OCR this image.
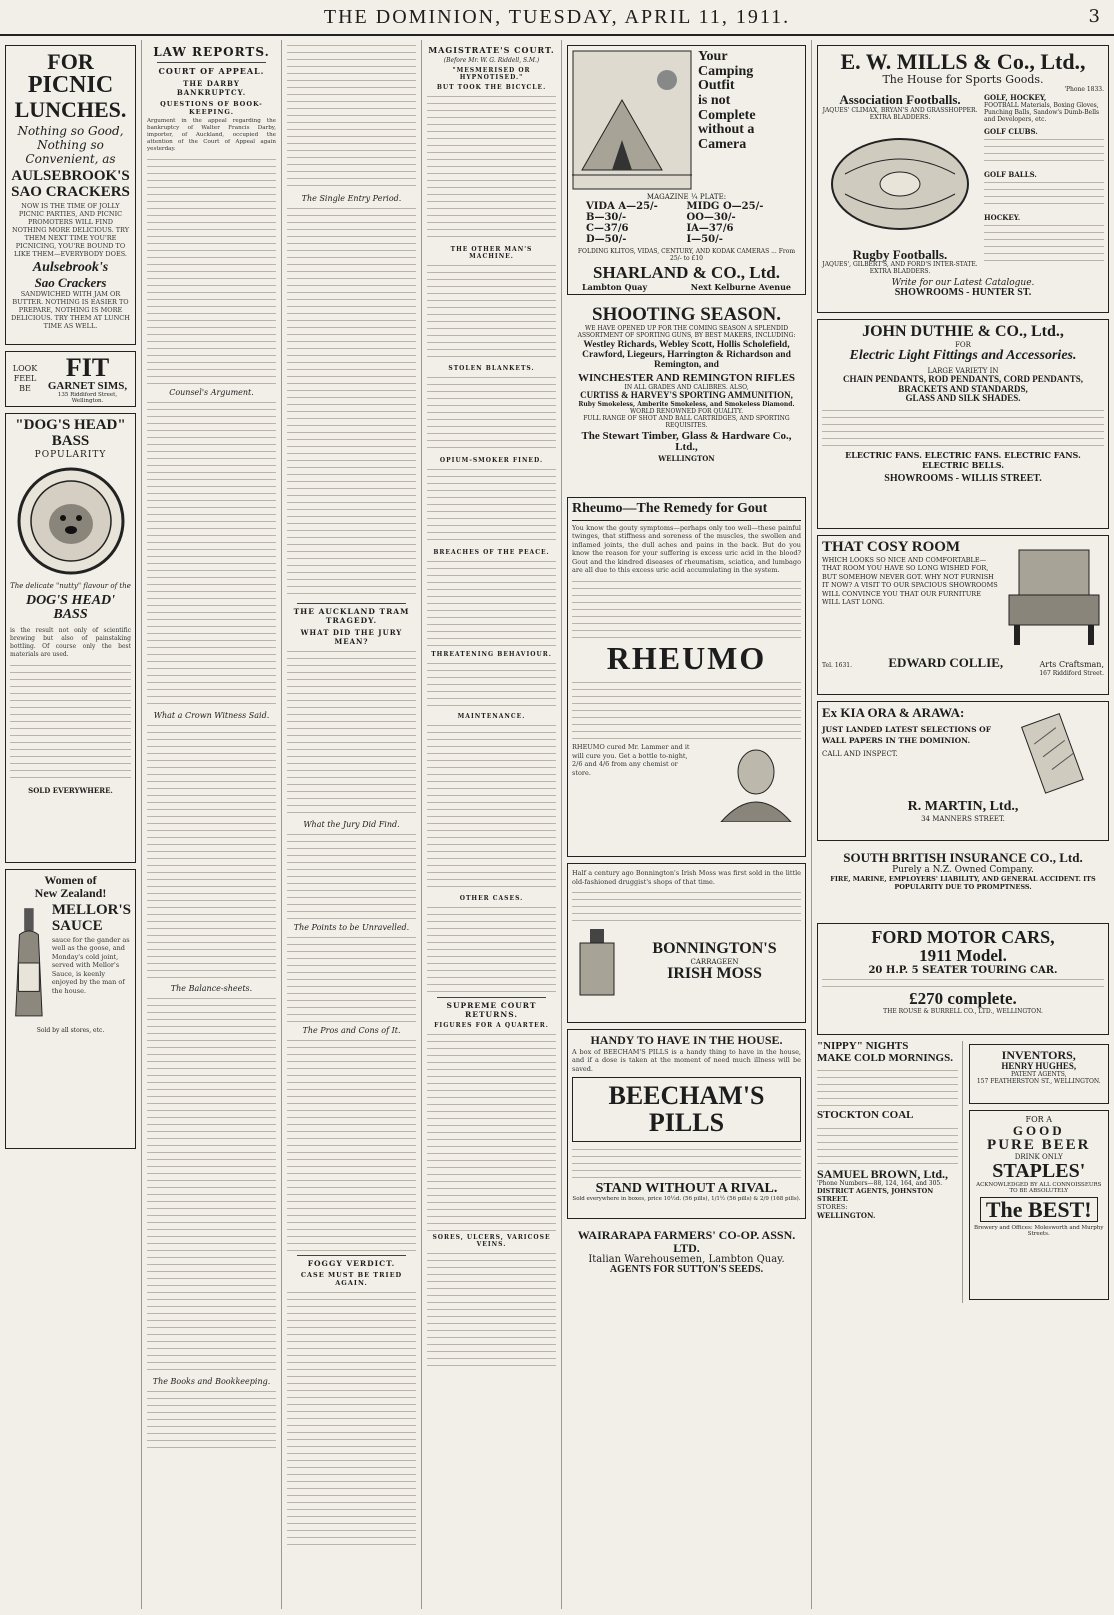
THE DOMINION, TUESDAY, APRIL 11, 1911.	3
FOR
PICNIC
LUNCHES.
Nothing so Good,
Nothing so
Convenient, as
AULSEBROOK'S
SAO CRACKERS
NOW IS THE TIME OF JOLLY PICNIC PARTIES, AND PICNIC PROMOTERS WILL FIND NOTHING MORE DELICIOUS. TRY THEM NEXT TIME YOU'RE PICNICING, YOU'RE BOUND TO LIKE THEM—EVERYBODY DOES.
Aulsebrook's
Sao Crackers
SANDWICHED WITH JAM OR BUTTER. NOTHING IS EASIER TO PREPARE, NOTHING IS MORE DELICIOUS. TRY THEM AT LUNCH TIME AS WELL.
LOOK FEEL BE
FIT
GARNET SIMS,
135 Riddiford Street, Wellington.
"DOG'S HEAD" BASS
POPULARITY
The delicate "nutty" flavour of the
DOG'S HEAD' BASS
is the result not only of scientific brewing but also of painstaking bottling. Of course only the best materials are used.
SOLD EVERYWHERE.
Women of
New Zealand!
MELLOR'S
SAUCE
sauce for the gander as well as the goose, and Monday's cold joint, served with Mellor's Sauce, is keenly enjoyed by the man of the house.
Sold by all stores, etc.
LAW REPORTS.
COURT OF APPEAL.
THE DARBY BANKRUPTCY.
QUESTIONS OF BOOK-KEEPING.
Argument in the appeal regarding the bankruptcy of Walter Francis Darby, importer, of Auckland, occupied the attention of the Court of Appeal again yesterday.
Counsel's Argument.
What a Crown Witness Said.
The Balance-sheets.
The Books and Bookkeeping.
The Single Entry Period.
THE AUCKLAND TRAM TRAGEDY.
WHAT DID THE JURY MEAN?
What the Jury Did Find.
The Points to be Unravelled.
The Pros and Cons of It.
FOGGY VERDICT.
CASE MUST BE TRIED AGAIN.
MAGISTRATE'S COURT.
(Before Mr. W. G. Riddell, S.M.)
"MESMERISED OR HYPNOTISED."
BUT TOOK THE BICYCLE.
THE OTHER MAN'S MACHINE.
STOLEN BLANKETS.
OPIUM-SMOKER FINED.
BREACHES OF THE PEACE.
THREATENING BEHAVIOUR.
MAINTENANCE.
OTHER CASES.
SUPREME COURT RETURNS.
FIGURES FOR A QUARTER.
SORES, ULCERS, VARICOSE VEINS.
Your
Camping
Outfit
is not
Complete
without a
Camera
MAGAZINE ¼ PLATE:
VIDA A—25/-	MIDG O—25/-
B—30/-	OO—30/-
C—37/6	IA—37/6
D—50/-	I—50/-
FOLDING KLITOS, VIDAS, CENTURY, AND KODAK CAMERAS ... From 25/- to £10
SHARLAND & CO., Ltd.
Lambton Quay	Next Kelburne Avenue
SHOOTING SEASON.
WE HAVE OPENED UP FOR THE COMING SEASON A SPLENDID ASSORTMENT OF SPORTING GUNS, BY BEST MAKERS, INCLUDING:
Westley Richards, Webley Scott, Hollis Scholefield, Crawford, Liegeurs, Harrington & Richardson and Remington, and
WINCHESTER AND REMINGTON RIFLES
IN ALL GRADES AND CALIBRES. ALSO,
CURTISS & HARVEY'S SPORTING AMMUNITION,
Ruby Smokeless, Amberite Smokeless, and Smokeless Diamond.
WORLD RENOWNED FOR QUALITY.
FULL RANGE OF SHOT AND BALL CARTRIDGES, AND SPORTING REQUISITES.
The Stewart Timber, Glass & Hardware Co., Ltd.,
WELLINGTON
Rheumo—The Remedy for Gout
You know the gouty symptoms—perhaps only too well—these painful twinges, that stiffness and soreness of the muscles, the swollen and inflamed joints, the dull aches and pains in the back. But do you know the reason for your suffering is excess uric acid in the blood? Gout and the kindred diseases of rheumatism, sciatica, and lumbago are all due to this excess uric acid accumulating in the system.
RHEUMO
RHEUMO cured Mr. Lammer and it will cure you. Get a bottle to-night, 2/6 and 4/6 from any chemist or store.
Half a century ago Bonnington's Irish Moss was first sold in the little old-fashioned druggist's shops of that time.
BONNINGTON'S
CARRAGEEN
IRISH MOSS
HANDY TO HAVE IN THE HOUSE.
A box of BEECHAM'S PILLS is a handy thing to have in the house, and if a dose is taken at the moment of need much illness will be saved.
BEECHAM'S PILLS
STAND WITHOUT A RIVAL.
Sold everywhere in boxes, price 10½d. (56 pills), 1/1½ (56 pills) & 2/9 (168 pills).
WAIRARAPA FARMERS' CO-OP. ASSN. LTD.
Italian Warehousemen, Lambton Quay.
AGENTS FOR SUTTON'S SEEDS.
E. W. MILLS & Co., Ltd.,
The House for Sports Goods.
'Phone 1833.
Association Footballs.
JAQUES' CLIMAX, BRYAN'S AND GRASSHOPPER.
EXTRA BLADDERS.
Rugby Footballs.
JAQUES', GILBERT'S, AND FORD'S INTER-STATE.
EXTRA BLADDERS.
GOLF, HOCKEY,
FOOTBALL Materials, Boxing Gloves, Punching Balls, Sandow's Dumb-Bells and Developers, etc.
GOLF CLUBS.
GOLF BALLS.
HOCKEY.
Write for our Latest Catalogue.
SHOWROOMS - HUNTER ST.
JOHN DUTHIE & CO., Ltd.,
FOR
Electric Light Fittings and Accessories.
LARGE VARIETY IN
CHAIN PENDANTS, ROD PENDANTS, CORD PENDANTS, BRACKETS AND STANDARDS,
GLASS AND SILK SHADES.
ELECTRIC FANS. ELECTRIC FANS. ELECTRIC FANS.
ELECTRIC BELLS.
SHOWROOMS - WILLIS STREET.
THAT COSY ROOM
WHICH LOOKS SO NICE AND COMFORTABLE—THAT ROOM YOU HAVE SO LONG WISHED FOR, BUT SOMEHOW NEVER GOT. WHY NOT FURNISH IT NOW? A VISIT TO OUR SPACIOUS SHOWROOMS WILL CONVINCE YOU THAT OUR FURNITURE WILL LAST LONG.
Tel. 1631.	EDWARD COLLIE,	Arts Craftsman,
167 Riddiford Street.
Ex KIA ORA & ARAWA:
JUST LANDED LATEST SELECTIONS OF WALL PAPERS IN THE DOMINION.
CALL AND INSPECT.
R. MARTIN, Ltd.,
34 MANNERS STREET.
SOUTH BRITISH INSURANCE CO., Ltd.
Purely a N.Z. Owned Company.
FIRE, MARINE, EMPLOYERS' LIABILITY, AND GENERAL ACCIDENT. ITS POPULARITY DUE TO PROMPTNESS.
FORD MOTOR CARS,
1911 Model.
20 H.P. 5 SEATER TOURING CAR.
£270 complete.
THE ROUSE & BURRELL CO., LTD., WELLINGTON.
"NIPPY" NIGHTS
MAKE COLD MORNINGS.
STOCKTON COAL
SAMUEL BROWN, Ltd.,
'Phone Numbers—88, 124, 164, and 305.
DISTRICT AGENTS, JOHNSTON STREET.
STORES:
WELLINGTON.
INVENTORS,
HENRY HUGHES,
PATENT AGENTS,
157 FEATHERSTON ST., WELLINGTON.
FOR A
GOOD
PURE BEER
DRINK ONLY
STAPLES'
ACKNOWLEDGED BY ALL CONNOISSEURS TO BE ABSOLUTELY
The BEST!
Brewery and Offices: Molesworth and Murphy Streets.
